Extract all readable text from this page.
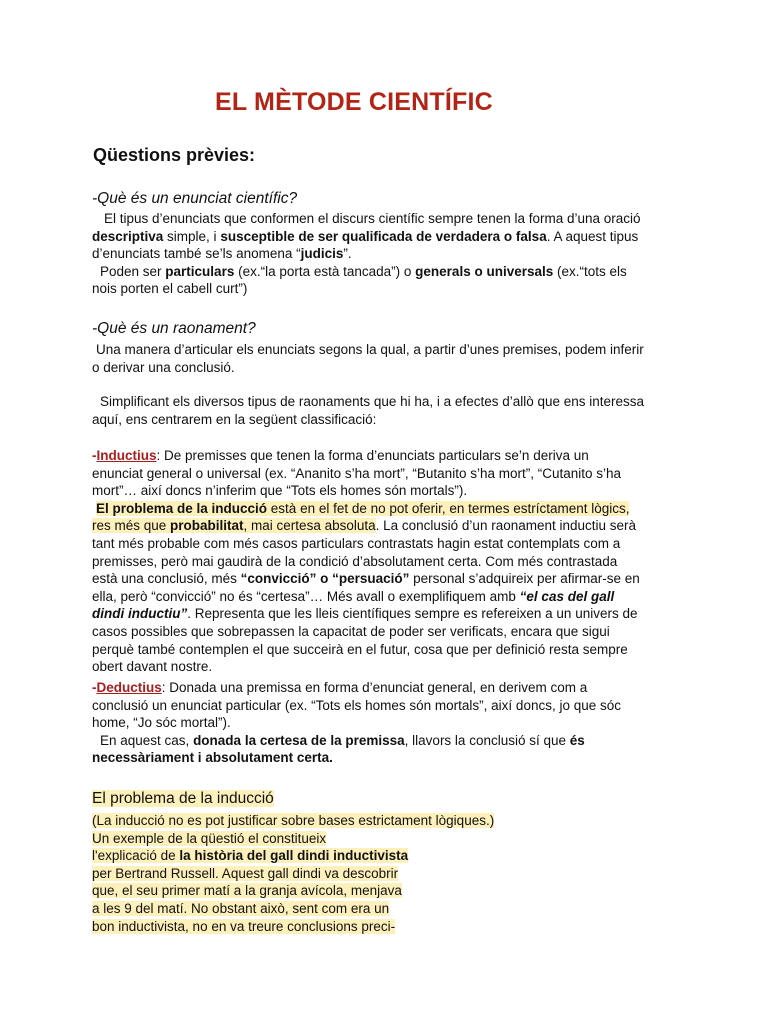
EL MÈTODE CIENTÍFIC
Qüestions prèvies:

-Què és un enunciat científic?

El tipus d’enunciats que conformen el discurs científic sempre tenen la forma d’una oració
descriptiva simple, i susceptible de ser qualificada de verdadera o falsa. A aquest tipus
d’enunciats també se’ls anomena “judicis”.
Poden ser particulars (ex.“la porta està tancada”) o generals o universals (ex.“tots els
nois porten el cabell curt”)

-Què és un raonament?

Una manera d’articular els enunciats segons la qual, a partir d’unes premises, podem inferir
o derivar una conclusió.
Simplificant els diversos tipus de raonaments que hi ha, i a efectes d’allò que ens interessa
aquí, ens centrarem en la següent classificació:
-Inductius: De premisses que tenen la forma d’enunciats particulars se’n deriva un
enunciat general o universal (ex. “Ananito s’ha mort”, “Butanito s’ha mort”, “Cutanito s’ha
mort”… així doncs n’inferim que “Tots els homes són mortals”).
El problema de la inducció està en el fet de no pot oferir, en termes estríctament lògics,
res més que probabilitat, mai certesa absoluta. La conclusió d’un raonament inductiu serà
tant més probable com més casos particulars contrastats hagin estat contemplats com a
premisses, però mai gaudirà de la condició d’absolutament certa. Com més contrastada
està una conclusió, més “convicció” o “persuació” personal s’adquireix per afirmar-se en
ella, però “convicció” no és “certesa”… Més avall o exemplifiquem amb “el cas del gall
dindi inductiu”. Representa que les lleis científiques sempre es refereixen a un univers de
casos possibles que sobrepassen la capacitat de poder ser verificats, encara que sigui
perquè també contemplen el que succeirà en el futur, cosa que per definició resta sempre
obert davant nostre.
-Deductius: Donada una premissa en forma d’enunciat general, en derivem com a
conclusió un enunciat particular (ex. “Tots els homes són mortals”, així doncs, jo que sóc
home, “Jo sóc mortal”).
En aquest cas, donada la certesa de la premissa, llavors la conclusió sí que és
necessàriament i absolutament certa.
El problema de la inducció
(La inducció no es pot justificar sobre bases estrictament lògiques.)
Un exemple de la qüestió el constitueix
l'explicació de la història del gall dindi inductivista
per Bertrand Russell. Aquest gall dindi va descobrir
que, el seu primer matí a la granja avícola, menjava
a les 9 del matí. No obstant això, sent com era un
bon inductivista, no en va treure conclusions preci-
